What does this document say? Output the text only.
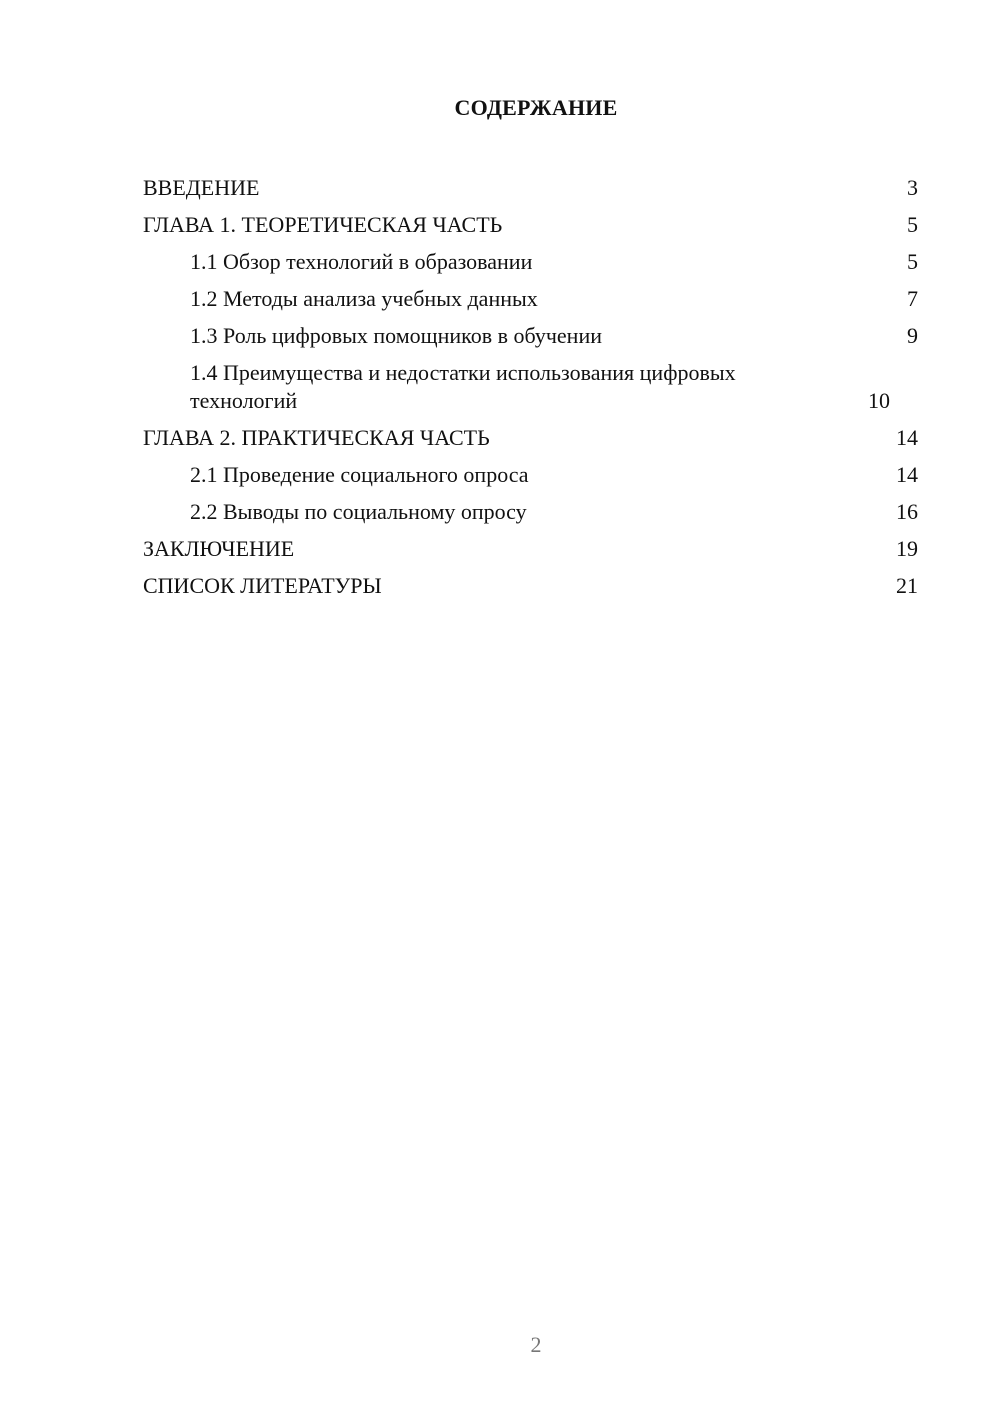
СОДЕРЖАНИЕ
ВВЕДЕНИЕ	3
ГЛАВА 1. ТЕОРЕТИЧЕСКАЯ ЧАСТЬ	5
1.1 Обзор технологий в образовании	5
1.2 Методы анализа учебных данных	7
1.3 Роль цифровых помощников в обучении	9
1.4 Преимущества и недостатки использования цифровых технологий	10
ГЛАВА 2. ПРАКТИЧЕСКАЯ ЧАСТЬ	14
2.1 Проведение социального опроса	14
2.2 Выводы по социальному опросу	16
ЗАКЛЮЧЕНИЕ	19
СПИСОК ЛИТЕРАТУРЫ	21
2
